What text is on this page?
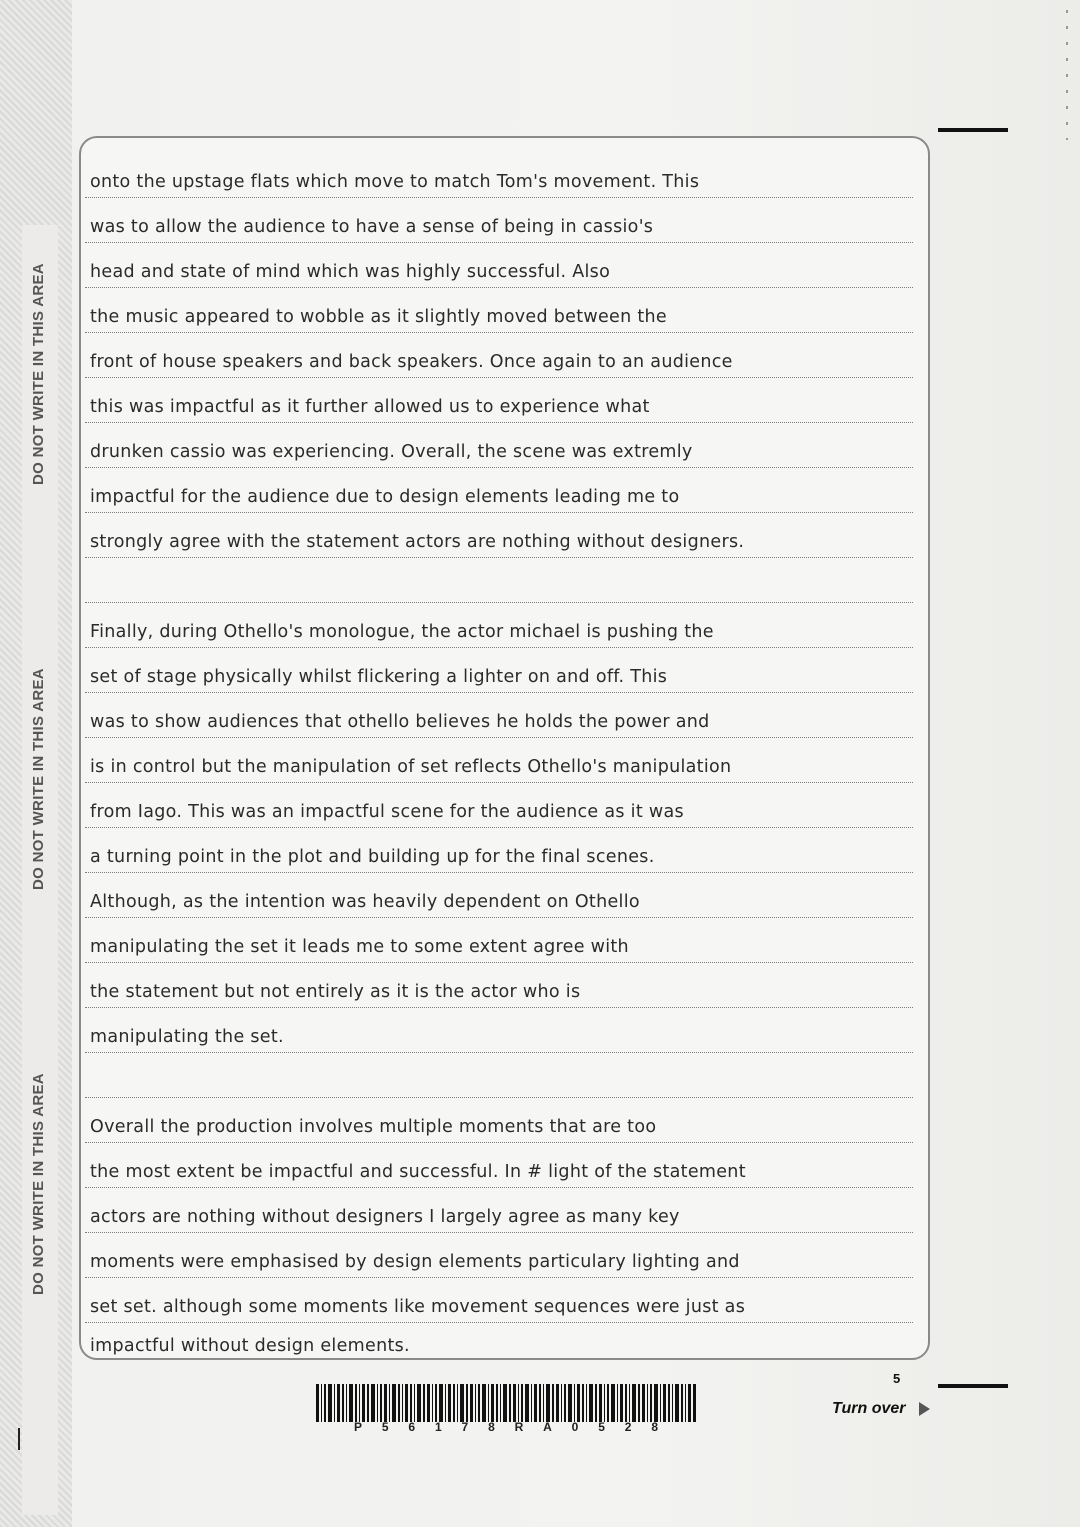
DO NOT WRITE IN THIS AREA
DO NOT WRITE IN THIS AREA
DO NOT WRITE IN THIS AREA
onto the upstage flats which move to match Tom's movement. This
was to allow the audience to have a sense of being in cassio's
head and state of mind which was highly successful. Also
the music appeared to wobble as it slightly moved between the
front of house speakers and back speakers. Once again to an audience
this was impactful as it further allowed us to experience what
drunken cassio was experiencing. Overall, the scene was extremly
impactful for the audience due to design elements leading me to
strongly agree with the statement actors are nothing without designers.
Finally, during Othello's monologue, the actor michael is pushing the
set of stage physically whilst flickering a lighter on and off. This
was to show audiences that othello believes he holds the power and
is in control but the manipulation of set reflects Othello's manipulation
from Iago. This was an impactful scene for the audience as it was
a turning point in the plot and building up for the final scenes.
Although, as the intention was heavily dependent on Othello
manipulating the set it leads me to some extent agree with
the statement but not entirely as it is the actor who is
manipulating the set.
Overall the production involves multiple moments that are too
the most extent be impactful and successful. In # light of the statement
actors are nothing without designers I largely agree as many key
moments were emphasised by design elements particulary lighting and
set set. although some moments like movement sequences were just as
impactful without design elements.
5
Turn over
P 5 6 1 7 8 R A 0 5 2 8
